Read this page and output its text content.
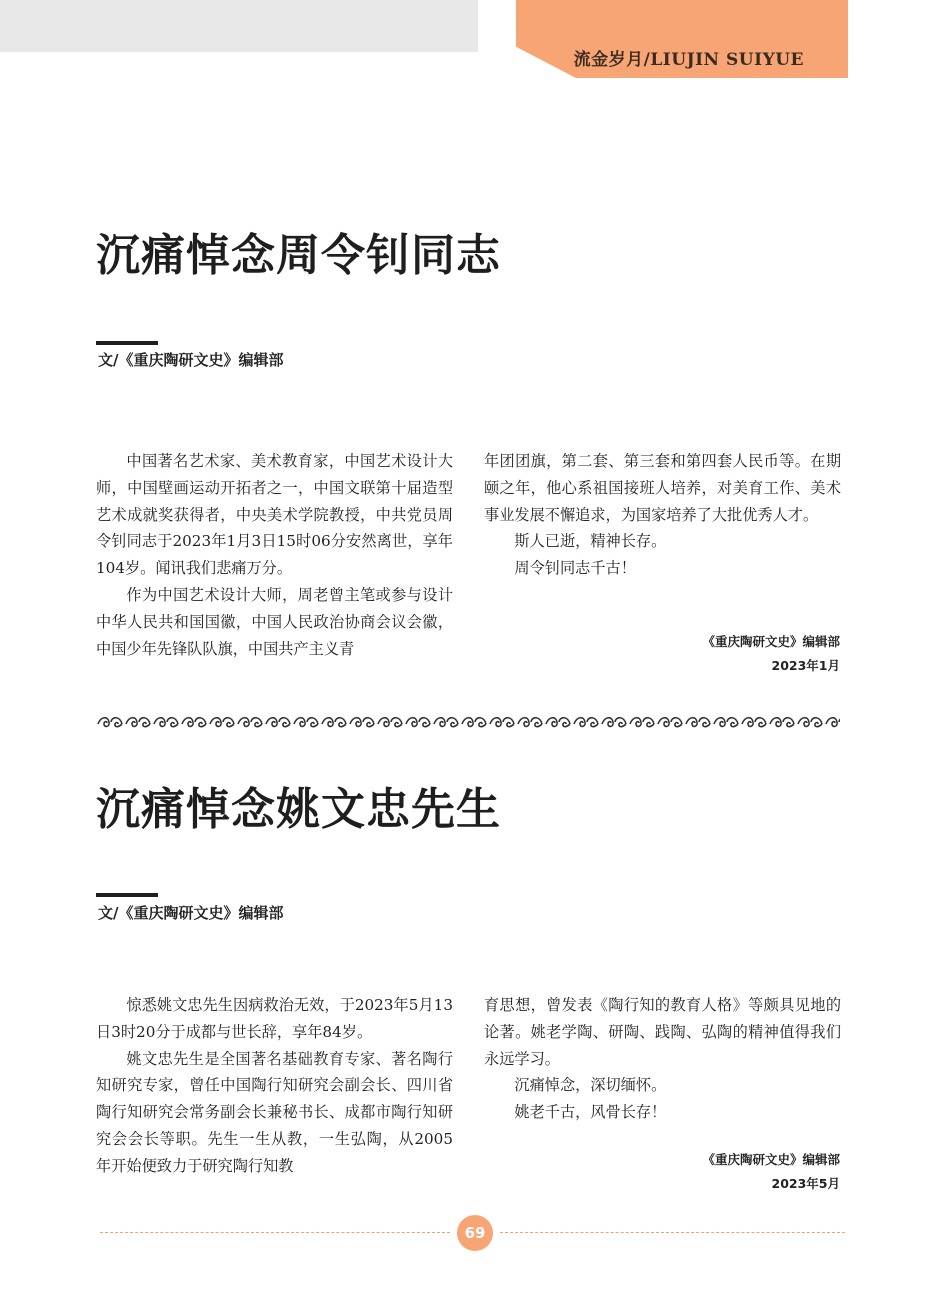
流金岁月/LIUJIN SUIYUE
沉痛悼念周令钊同志
文/《重庆陶研文史》编辑部

中国著名艺术家、美术教育家，中国艺术设计大师，中国壁画运动开拓者之一，中国文联第十届造型艺术成就奖获得者，中央美术学院教授，中共党员周令钊同志于2023年1月3日15时06分安然离世，享年104岁。闻讯我们悲痛万分。

作为中国艺术设计大师，周老曾主笔或参与设计中华人民共和国国徽，中国人民政治协商会议会徽，中国少年先锋队队旗，中国共产主义青

年团团旗，第二套、第三套和第四套人民币等。在期颐之年，他心系祖国接班人培养，对美育工作、美术事业发展不懈追求，为国家培养了大批优秀人才。

斯人已逝，精神长存。

周令钊同志千古！

《重庆陶研文史》编辑部
2023年1月
沉痛悼念姚文忠先生
文/《重庆陶研文史》编辑部

惊悉姚文忠先生因病救治无效，于2023年5月13日3时20分于成都与世长辞，享年84岁。

姚文忠先生是全国著名基础教育专家、著名陶行知研究专家，曾任中国陶行知研究会副会长、四川省陶行知研究会常务副会长兼秘书长、成都市陶行知研究会会长等职。先生一生从教，一生弘陶，从2005年开始便致力于研究陶行知教

育思想，曾发表《陶行知的教育人格》等颇具见地的论著。姚老学陶、研陶、践陶、弘陶的精神值得我们永远学习。

沉痛悼念，深切缅怀。

姚老千古，风骨长存！

《重庆陶研文史》编辑部
2023年5月
69
